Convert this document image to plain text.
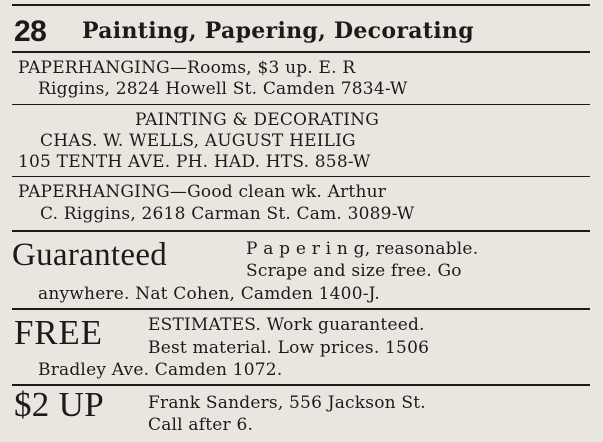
28 Painting, Papering, Decorating
PAPERHANGING—Rooms, $3 up. E. R
Riggins, 2824 Howell St. Camden 7834-W
PAINTING & DECORATING
CHAS. W. WELLS, AUGUST HEILIG
105 TENTH AVE. PH. HAD. HTS. 858-W
PAPERHANGING—Good clean wk. Arthur
C. Riggins, 2618 Carman St. Cam. 3089-W
Guaranteed	P a p e r i n g, reasonable.
Scrape and size free. Go
anywhere. Nat Cohen, Camden 1400-J.
FREE	ESTIMATES. Work guaranteed.
Best material. Low prices. 1506
Bradley Ave. Camden 1072.
$2 UP	Frank Sanders, 556 Jackson St.
Call after 6.
